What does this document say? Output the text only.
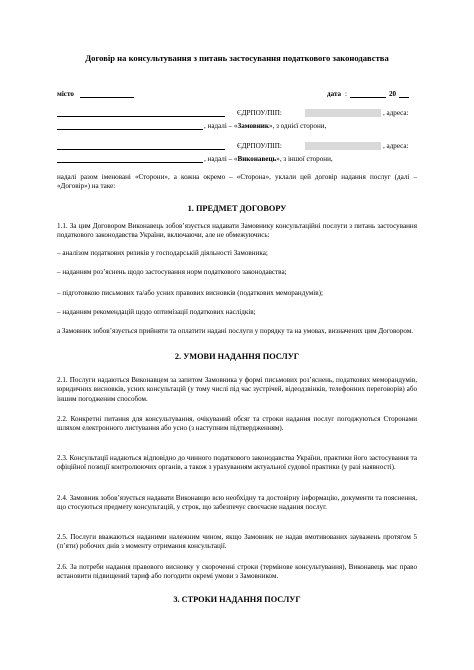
Договір на консультування з питань застосування податкового законодавства
місто	дата :	20
ЄДРПОУ/ПІП:	, адреса:
, надалі – «Замовник», з однієї сторони,
ЄДРПОУ/ПІП:	, адреса:
, надалі – «Виконавець», з іншої сторони,
надалі разом іменовані «Сторони», а кожна окремо – «Сторона», уклали цей договір надання послуг (далі – «Договір») на таке:
1. ПРЕДМЕТ ДОГОВОРУ
1.1. За цим Договором Виконавець зобов’язується надавати Замовнику консультаційні послуги з питань застосування податкового законодавства України, включаючи, але не обмежуючись:
– аналізом податкових ризиків у господарській діяльності Замовника;
– наданням роз’яснень щодо застосування норм податкового законодавства;
– підготовкою письмових та/або усних правових висновків (податкових меморандумів);
– наданням рекомендацій щодо оптимізації податкових наслідків;
а Замовник зобов’язується прийняти та оплатити надані послуги у порядку та на умовах, визначених цим Договором.
2. УМОВИ НАДАННЯ ПОСЛУГ
2.1. Послуги надаються Виконавцем за запитом Замовника у формі письмових роз’яснень, податкових меморандумів, юридичних висновків, усних консультацій (у тому числі під час зустрічей, відеодзвінків, телефонних переговорів) або іншим погодженим способом.
2.2. Конкретні питання для консультування, очікуваний обсяг та строки надання послуг погоджуються Сторонами шляхом електронного листування або усно (з наступним підтвердженням).
2.3. Консультації надаються відповідно до чинного податкового законодавства України, практики його застосування та офіційної позиції контролюючих органів, а також з урахуванням актуальної судової практики (у разі наявності).
2.4. Замовник зобов’язується надавати Виконавцю всю необхідну та достовірну інформацію, документи та пояснення, що стосуються предмету консультацій, у строк, що забезпечує своєчасне надання послуг.
2.5. Послуги вважаються наданими належним чином, якщо Замовник не надав вмотивованих зауважень протягом 5 (п’яти) робочих днів з моменту отримання консультації.
2.6. За потреби надання правового висновку у скороченні строки (термінове консультування), Виконавець має право встановити підвищений тариф або погодити окремі умови з Замовником.
3. СТРОКИ НАДАННЯ ПОСЛУГ
